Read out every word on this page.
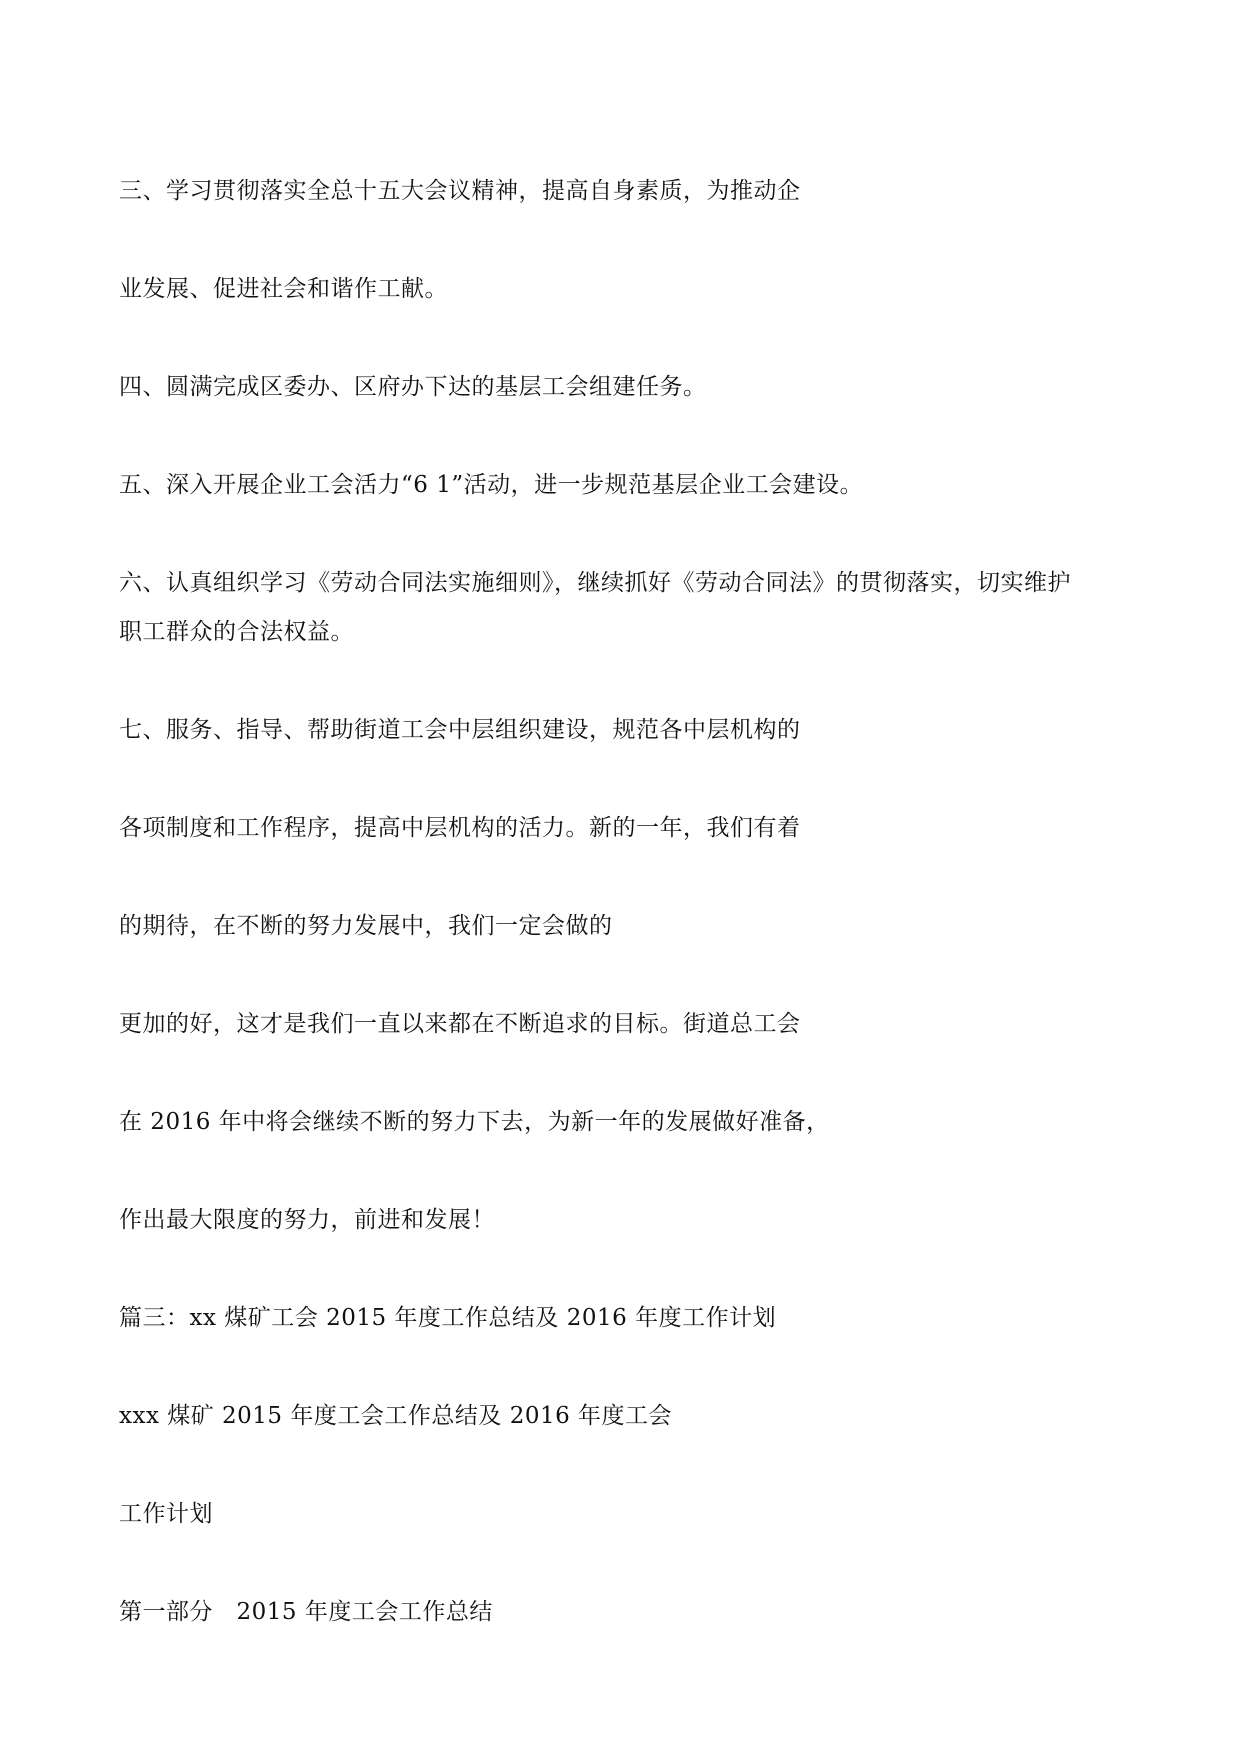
三、学习贯彻落实全总十五大会议精神，提高自身素质，为推动企

业发展、促进社会和谐作工献。

四、圆满完成区委办、区府办下达的基层工会组建任务。

五、深入开展企业工会活力“6 1”活动，进一步规范基层企业工会建设。

六、认真组织学习《劳动合同法实施细则》，继续抓好《劳动合同法》的贯彻落实，切实维护

职工群众的合法权益。

七、服务、指导、帮助街道工会中层组织建设，规范各中层机构的

各项制度和工作程序，提高中层机构的活力。新的一年，我们有着

的期待，在不断的努力发展中，我们一定会做的

更加的好，这才是我们一直以来都在不断追求的目标。街道总工会

在 2016 年中将会继续不断的努力下去，为新一年的发展做好准备，

作出最大限度的努力，前进和发展！

篇三：xx 煤矿工会 2015 年度工作总结及 2016 年度工作计划

xxx 煤矿 2015 年度工会工作总结及 2016 年度工会

工作计划

第一部分　2015 年度工会工作总结
